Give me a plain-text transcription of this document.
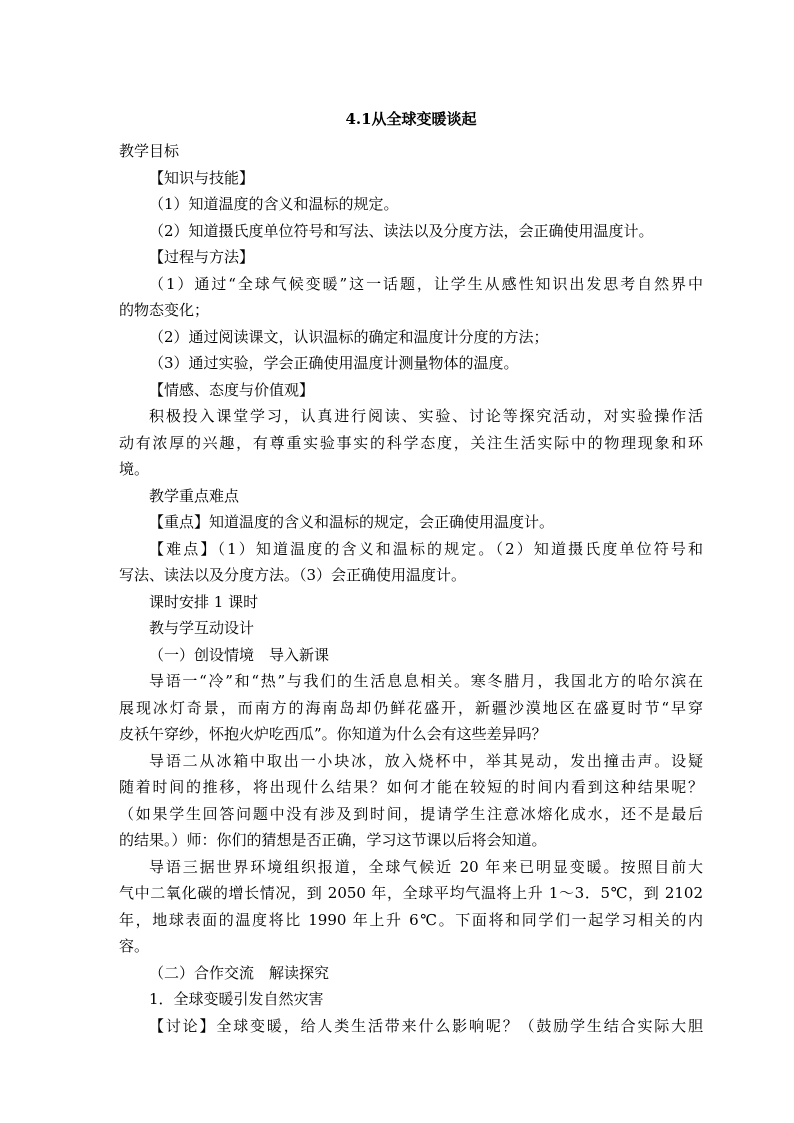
4.1从全球变暖谈起
教学目标
【知识与技能】
（1）知道温度的含义和温标的规定。
（2）知道摄氏度单位符号和写法、读法以及分度方法，会正确使用温度计。
【过程与方法】
（1）通过“全球气候变暖”这一话题，让学生从感性知识出发思考自然界中
的物态变化；
（2）通过阅读课文，认识温标的确定和温度计分度的方法；
（3）通过实验，学会正确使用温度计测量物体的温度。
【情感、态度与价值观】
积极投入课堂学习，认真进行阅读、实验、讨论等探究活动，对实验操作活
动有浓厚的兴趣，有尊重实验事实的科学态度，关注生活实际中的物理现象和环
境。
教学重点难点
【重点】知道温度的含义和温标的规定，会正确使用温度计。
【难点】（1）知道温度的含义和温标的规定。（2）知道摄氏度单位符号和
写法、读法以及分度方法。（3）会正确使用温度计。
课时安排 1 课时
教与学互动设计
（一）创设情境　导入新课
导语一“冷”和“热”与我们的生活息息相关。寒冬腊月，我国北方的哈尔滨在
展现冰灯奇景，而南方的海南岛却仍鲜花盛开，新疆沙漠地区在盛夏时节“早穿
皮袄午穿纱，怀抱火炉吃西瓜”。你知道为什么会有这些差异吗？
导语二从冰箱中取出一小块冰，放入烧杯中，举其晃动，发出撞击声。设疑
随着时间的推移，将出现什么结果？如何才能在较短的时间内看到这种结果呢？
（如果学生回答问题中没有涉及到时间，提请学生注意冰熔化成水，还不是最后
的结果。）师：你们的猜想是否正确，学习这节课以后将会知道。
导语三据世界环境组织报道，全球气候近 20 年来已明显变暖。按照目前大
气中二氧化碳的增长情况，到 2050 年，全球平均气温将上升 1～3．5℃，到 2102
年，地球表面的温度将比 1990 年上升 6℃。下面将和同学们一起学习相关的内
容。
（二）合作交流　解读探究
1．全球变暖引发自然灾害
【讨论】全球变暖，给人类生活带来什么影响呢？（鼓励学生结合实际大胆
